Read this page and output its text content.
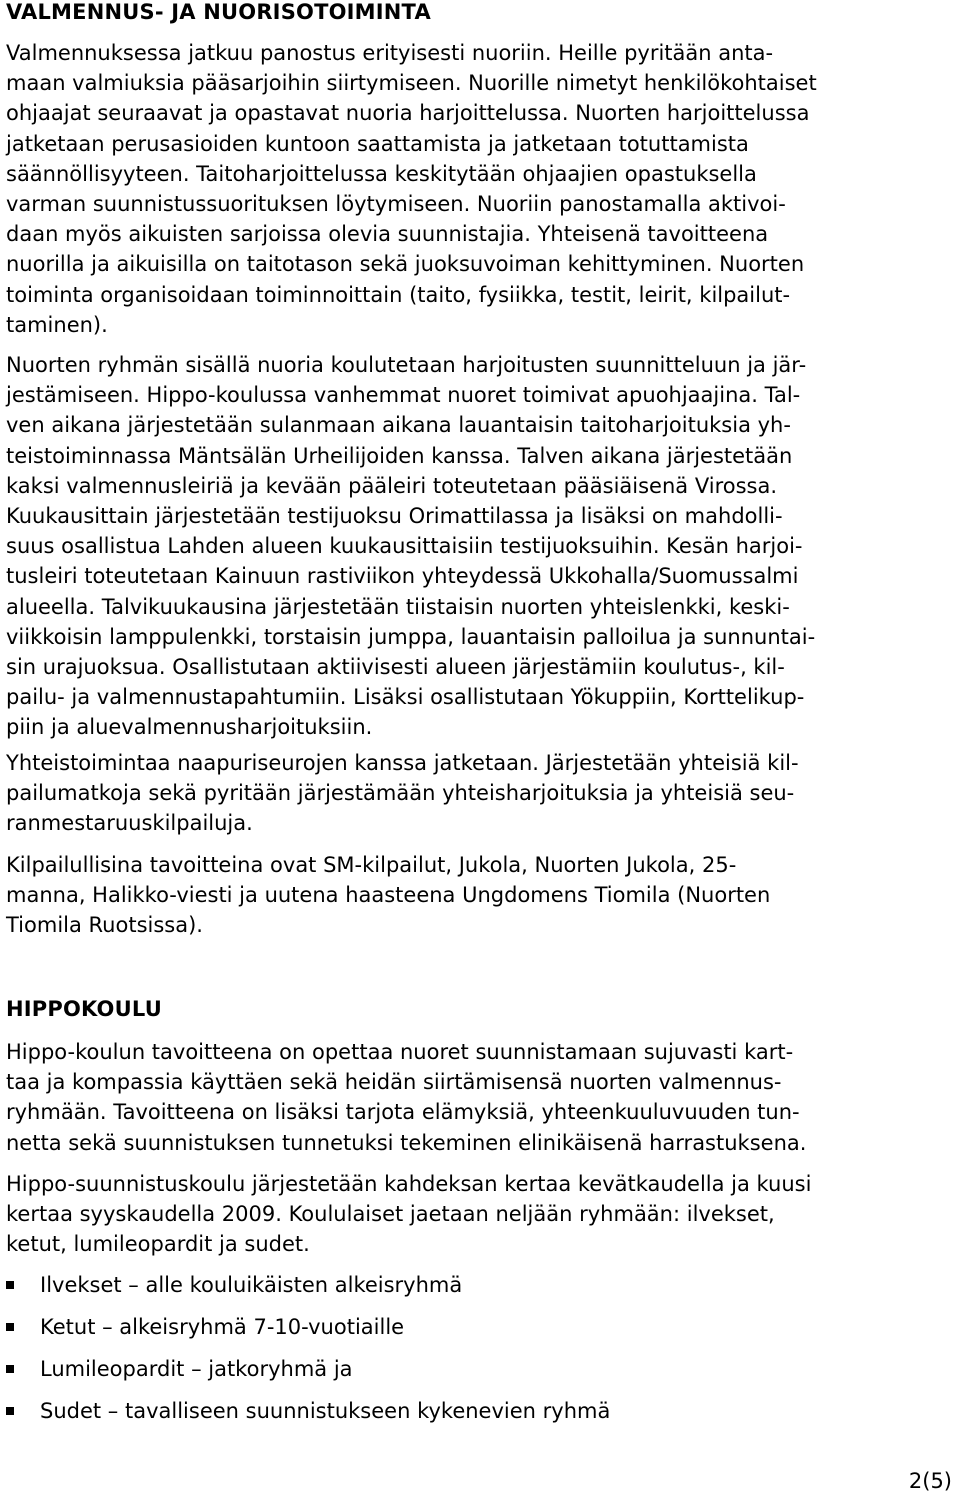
VALMENNUS- JA NUORISOTOIMINTA

Valmennuksessa jatkuu panostus erityisesti nuoriin. Heille pyritään anta-
maan valmiuksia pääsarjoihin siirtymiseen. Nuorille nimetyt henkilökohtaiset
ohjaajat seuraavat ja opastavat nuoria harjoittelussa. Nuorten harjoittelussa
jatketaan perusasioiden kuntoon saattamista ja jatketaan totuttamista
säännöllisyyteen. Taitoharjoittelussa keskitytään ohjaajien opastuksella
varman suunnistussuorituksen löytymiseen. Nuoriin panostamalla aktivoi-
daan myös aikuisten sarjoissa olevia suunnistajia. Yhteisenä tavoitteena
nuorilla ja aikuisilla on taitotason sekä juoksuvoiman kehittyminen. Nuorten
toiminta organisoidaan toiminnoittain (taito, fysiikka, testit, leirit, kilpailut-
taminen).

Nuorten ryhmän sisällä nuoria koulutetaan harjoitusten suunnitteluun ja jär-
jestämiseen. Hippo-koulussa vanhemmat nuoret toimivat apuohjaajina. Tal-
ven aikana järjestetään sulanmaan aikana lauantaisin taitoharjoituksia yh-
teistoiminnassa Mäntsälän Urheilijoiden kanssa. Talven aikana järjestetään
kaksi valmennusleiriä ja kevään pääleiri toteutetaan pääsiäisenä Virossa.
Kuukausittain järjestetään testijuoksu Orimattilassa ja lisäksi on mahdolli-
suus osallistua Lahden alueen kuukausittaisiin testijuoksuihin. Kesän harjoi-
tusleiri toteutetaan Kainuun rastiviikon yhteydessä Ukkohalla/Suomussalmi
alueella. Talvikuukausina järjestetään tiistaisin nuorten yhteislenkki, keski-
viikkoisin lamppulenkki, torstaisin jumppa, lauantaisin palloilua ja sunnuntai-
sin urajuoksua. Osallistutaan aktiivisesti alueen järjestämiin koulutus-, kil-
pailu- ja valmennustapahtumiin. Lisäksi osallistutaan Yökuppiin, Korttelikup-
piin ja aluevalmennusharjoituksiin.

Yhteistoimintaa naapuriseurojen kanssa jatketaan. Järjestetään yhteisiä kil-
pailumatkoja sekä pyritään järjestämään yhteisharjoituksia ja yhteisiä seu-
ranmestaruuskilpailuja.

Kilpailullisina tavoitteina ovat SM-kilpailut, Jukola, Nuorten Jukola, 25-
manna, Halikko-viesti ja uutena haasteena Ungdomens Tiomila (Nuorten
Tiomila Ruotsissa).

HIPPOKOULU

Hippo-koulun tavoitteena on opettaa nuoret suunnistamaan sujuvasti kart-
taa ja kompassia käyttäen sekä heidän siirtämisensä nuorten valmennus-
ryhmään. Tavoitteena on lisäksi tarjota elämyksiä, yhteenkuuluvuuden tun-
netta sekä suunnistuksen tunnetuksi tekeminen elinikäisenä harrastuksena.

Hippo-suunnistuskoulu järjestetään kahdeksan kertaa kevätkaudella ja kuusi
kertaa syyskaudella 2009. Koululaiset jaetaan neljään ryhmään: ilvekset,
ketut, lumileopardit ja sudet.

Ilvekset – alle kouluikäisten alkeisryhmä
Ketut – alkeisryhmä 7-10-vuotiaille
Lumileopardit – jatkoryhmä ja
Sudet – tavalliseen suunnistukseen kykenevien ryhmä
2(5)
